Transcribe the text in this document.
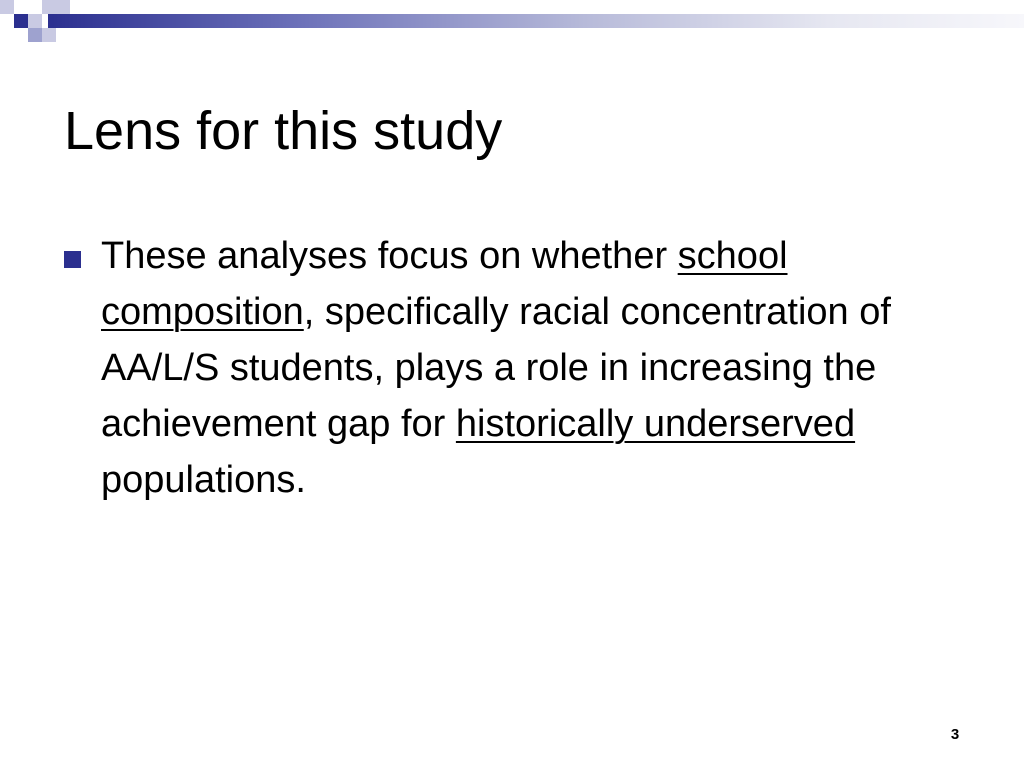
Lens for this study
These analyses focus on whether school composition, specifically racial concentration of AA/L/S students, plays a role in increasing the achievement gap for historically underserved populations.
3
